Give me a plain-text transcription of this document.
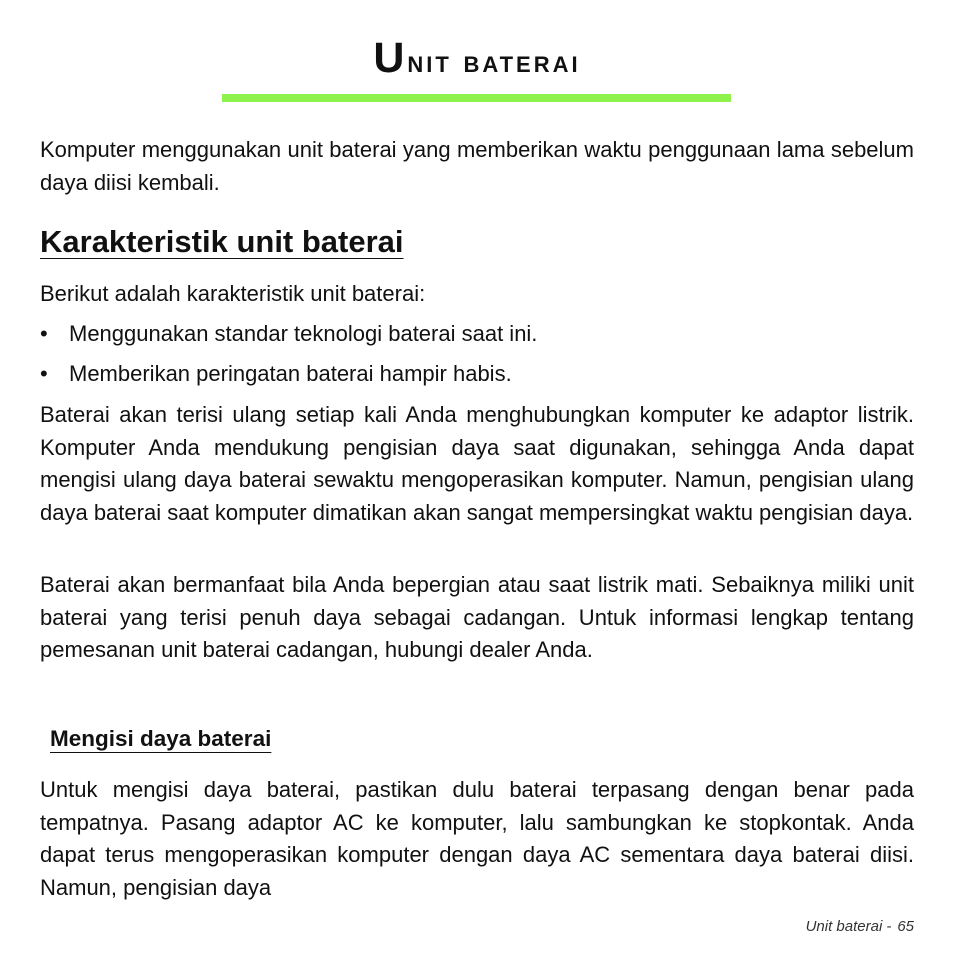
Unit baterai

Komputer menggunakan unit baterai yang memberikan waktu penggunaan lama sebelum daya diisi kembali.

Karakteristik unit baterai

Berikut adalah karakteristik unit baterai:

• Menggunakan standar teknologi baterai saat ini.
• Memberikan peringatan baterai hampir habis.

Baterai akan terisi ulang setiap kali Anda menghubungkan komputer ke adaptor listrik. Komputer Anda mendukung pengisian daya saat digunakan, sehingga Anda dapat mengisi ulang daya baterai sewaktu mengoperasikan komputer. Namun, pengisian ulang daya baterai saat komputer dimatikan akan sangat mempersingkat waktu pengisian daya.

Baterai akan bermanfaat bila Anda bepergian atau saat listrik mati. Sebaiknya miliki unit baterai yang terisi penuh daya sebagai cadangan. Untuk informasi lengkap tentang pemesanan unit baterai cadangan, hubungi dealer Anda.

Mengisi daya baterai

Untuk mengisi daya baterai, pastikan dulu baterai terpasang dengan benar pada tempatnya. Pasang adaptor AC ke komputer, lalu sambungkan ke stopkontak. Anda dapat terus mengoperasikan komputer dengan daya AC sementara daya baterai diisi. Namun, pengisian daya

Unit baterai - 65
